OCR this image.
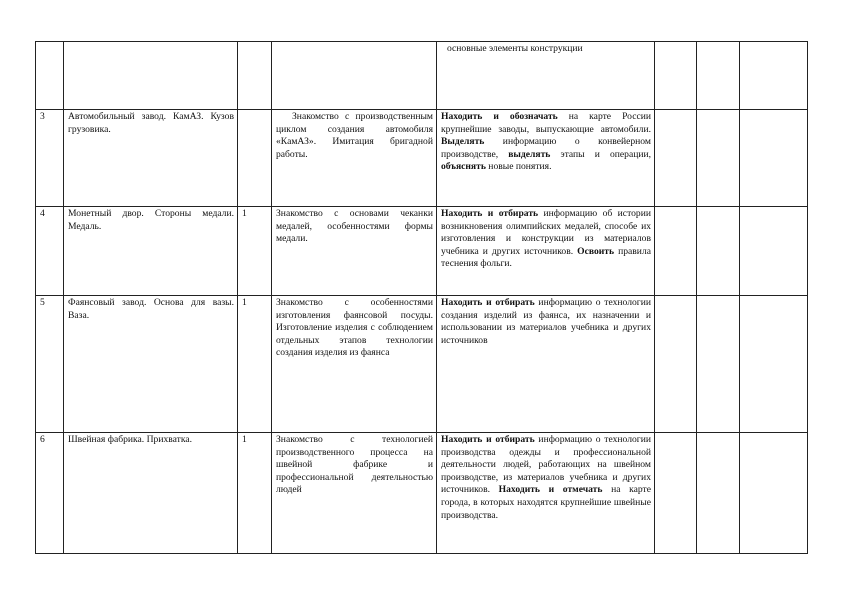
				основные элементы конструкции			
3	Автомобильный завод. КамАЗ. Кузов грузовика.		Знакомство с производственным циклом создания автомобиля «КамАЗ». Имитация бригадной работы.	Находить и обозначать на карте России крупнейшие заводы, выпускающие автомобили. Выделять информацию о конвейерном производстве, выделять этапы и операции, объяснять новые понятия.			
4	Монетный двор. Стороны медали. Медаль.	1	Знакомство с основами чеканки медалей, особенностями формы медали.	Находить и отбирать информацию об истории возникновения олимпийских медалей, способе их изготовления и конструкции из материалов учебника и других источников. Освоить правила теснения фольги.			
5	Фаянсовый завод. Основа для вазы. Ваза.	1	Знакомство с особенностями изготовления фаянсовой посуды. Изготовление изделия с соблюдением отдельных этапов технологии создания изделия из фаянса	Находить и отбирать информацию о технологии создания изделий из фаянса, их назначении и использовании из материалов учебника и других источников			
6	Швейная фабрика. Прихватка.	1	Знакомство с технологией производственного процесса на швейной фабрике и профессиональной деятельностью людей	Находить и отбирать информацию о технологии производства одежды и профессиональной деятельности людей, работающих на швейном производстве, из материалов учебника и других источников. Находить и отмечать на карте города, в которых находятся крупнейшие швейные производства.			
